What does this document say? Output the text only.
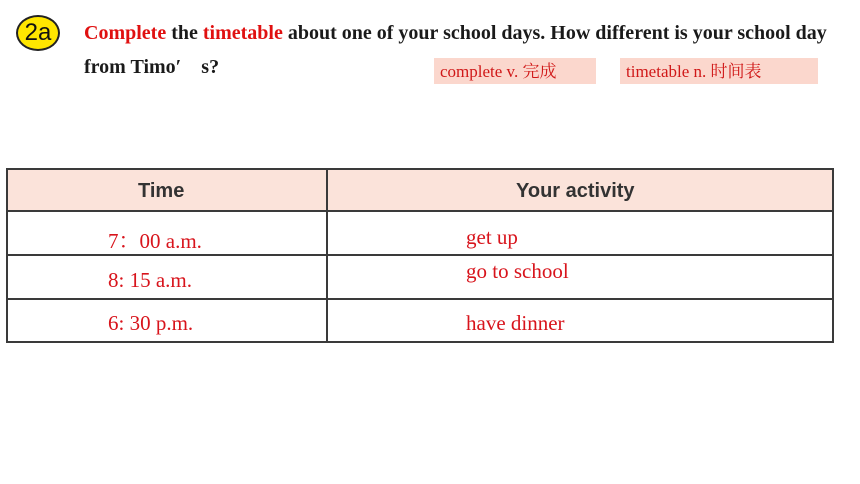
2a	Complete the timetable about one of your school days. How different is your school day from Timo′　s?	complete v. 完成	timetable n. 时间表
Time	Your activity
7：00 a.m.	get up
8: 15 a.m.	go to school
6: 30 p.m.	have dinner
